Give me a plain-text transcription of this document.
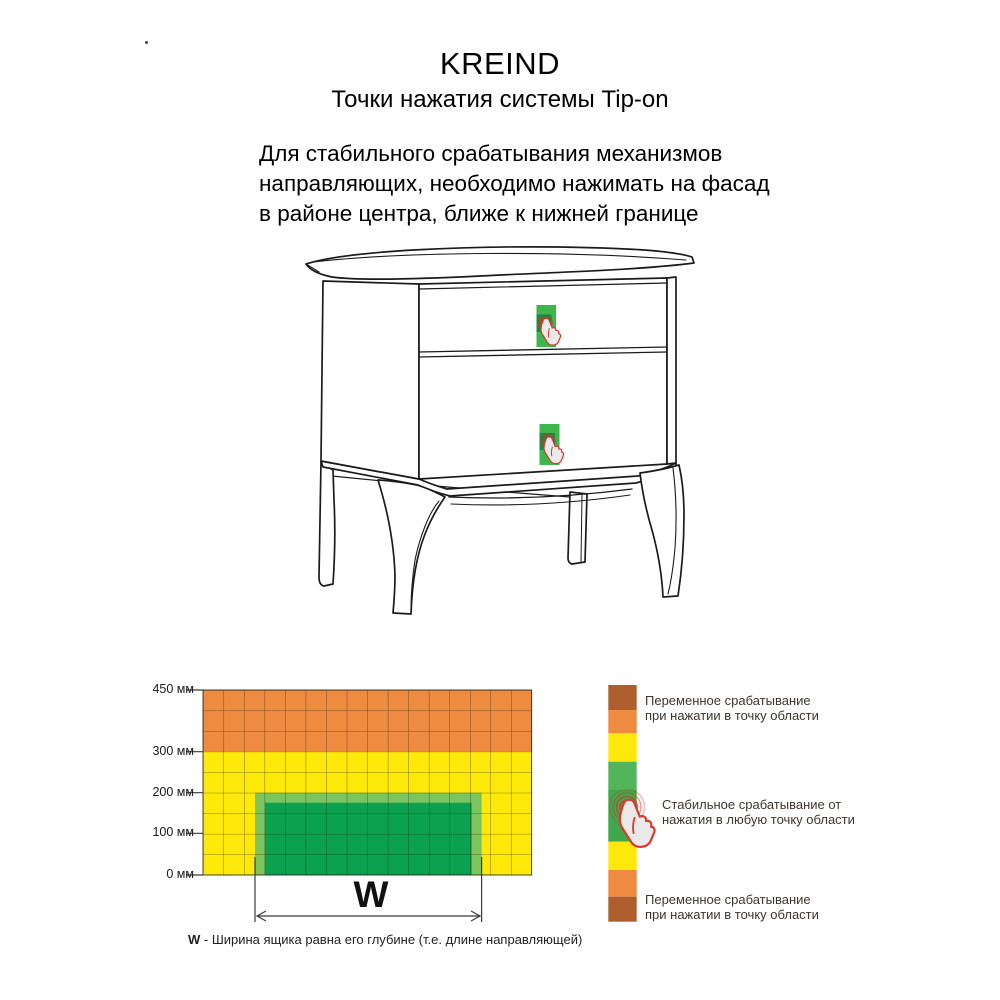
KREIND
Точки нажатия системы Tip-on
Для стабильного срабатывания механизмов
направляющих, необходимо нажимать на фасад
в районе центра, ближе к нижней границе
450 мм
300 мм
200 мм
100 мм
0 мм	W
W - Ширина ящика равна его глубине (т.е. длине направляющей)
Переменное срабатывание
при нажатии в точку области
Стабильное срабатывание от
нажатия в любую точку области
Переменное срабатывание
при нажатии в точку области
